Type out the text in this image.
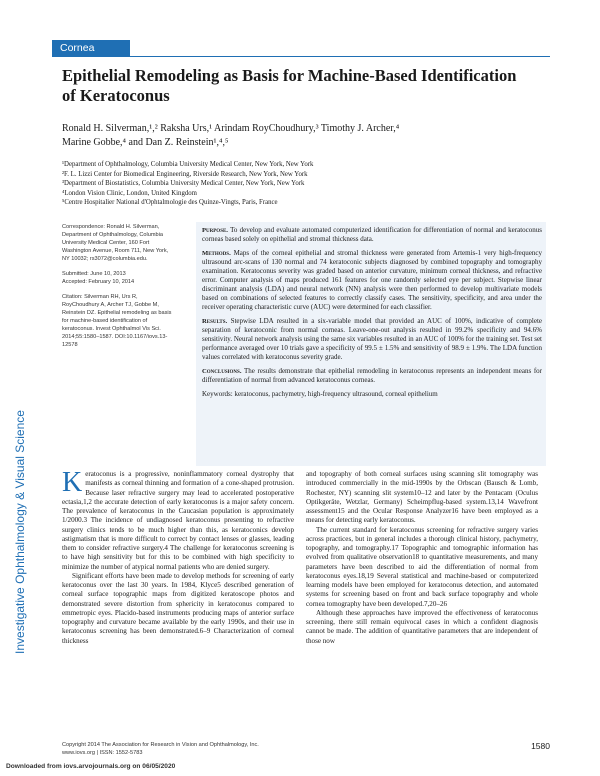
Cornea
Epithelial Remodeling as Basis for Machine-Based Identification of Keratoconus
Ronald H. Silverman,¹,² Raksha Urs,¹ Arindam RoyChoudhury,³ Timothy J. Archer,⁴
Marine Gobbe,⁴ and Dan Z. Reinstein¹,⁴,⁵
¹Department of Ophthalmology, Columbia University Medical Center, New York, New York
²F. L. Lizzi Center for Biomedical Engineering, Riverside Research, New York, New York
³Department of Biostatistics, Columbia University Medical Center, New York, New York
⁴London Vision Clinic, London, United Kingdom
⁵Centre Hospitalier National d'Ophtalmologie des Quinze-Vingts, Paris, France

Correspondence: Ronald H. Silverman, Department of Ophthalmology, Columbia University Medical Center, 160 Fort Washington Avenue, Room 711, New York, NY 10032; rs3072@columbia.edu.

Submitted: June 10, 2013
Accepted: February 10, 2014

Citation: Silverman RH, Urs R, RoyChoudhury A, Archer TJ, Gobbe M, Reinstein DZ. Epithelial remodeling as basis for machine-based identification of keratoconus. Invest Ophthalmol Vis Sci. 2014;55:1580–1587. DOI:10.1167/iovs.13-12578

Purpose. To develop and evaluate automated computerized identification for differentiation of normal and keratoconus corneas based solely on epithelial and stromal thickness data.

Methods. Maps of the corneal epithelial and stromal thickness were generated from Artemis-1 very high-frequency ultrasound arc-scans of 130 normal and 74 keratoconic subjects diagnosed by combined topography and tomography examination. Keratoconus severity was graded based on anterior curvature, minimum corneal thickness, and refractive error. Computer analysis of maps produced 161 features for one randomly selected eye per subject. Stepwise linear discriminant analysis (LDA) and neural network (NN) analysis were then performed to develop multivariate models based on combinations of selected features to correctly classify cases. The sensitivity, specificity, and area under the receiver operating characteristic curve (AUC) were determined for each classifier.

Results. Stepwise LDA resulted in a six-variable model that provided an AUC of 100%, indicative of complete separation of keratoconic from normal corneas. Leave-one-out analysis resulted in 99.2% specificity and 94.6% sensitivity. Neural network analysis using the same six variables resulted in an AUC of 100% for the training set. Test set performance averaged over 10 trials gave a specificity of 99.5 ± 1.5% and sensitivity of 98.9 ± 1.9%. The LDA function values correlated with keratoconus severity grade.

Conclusions. The results demonstrate that epithelial remodeling in keratoconus represents an independent means for differentiation of normal from advanced keratoconus corneas.

Keywords: keratoconus, pachymetry, high-frequency ultrasound, corneal epithelium

Investigative Ophthalmology & Visual Science Keratoconus is a progressive, noninflammatory corneal dystrophy that manifests as corneal thinning and formation of a cone-shaped protrusion. Because laser refractive surgery may lead to accelerated postoperative ectasia,1,2 the accurate detection of early keratoconus is a major safety concern. The prevalence of keratoconus in the Caucasian population is approximately 1/2000.3 The incidence of undiagnosed keratoconus presenting to refractive surgery clinics tends to be much higher than this, as keratoconics develop astigmatism that is more difficult to correct by contact lenses or glasses, leading them to consider refractive surgery.4 The challenge for keratoconus screening is to have high sensitivity but for this to be combined with high specificity to minimize the number of atypical normal patients who are denied surgery.

Significant efforts have been made to develop methods for screening of early keratoconus over the last 30 years. In 1984, Klyce5 described generation of corneal surface topographic maps from digitized keratoscope photos and demonstrated severe distortion from sphericity in keratoconus compared to emmetropic eyes. Placido-based instruments producing maps of anterior surface topography and curvature became available by the early 1990s, and their use in keratoconus screening has been demonstrated.6–9 Characterization of corneal thickness

and topography of both corneal surfaces using scanning slit tomography was introduced commercially in the mid-1990s by the Orbscan (Bausch & Lomb, Rochester, NY) scanning slit system10–12 and later by the Pentacam (Oculus Optikgeräte, Wetzlar, Germany) Scheimpflug-based system.13,14 Wavefront assessment15 and the Ocular Response Analyzer16 have been employed as a means for detecting early keratoconus.

The current standard for keratoconus screening for refractive surgery varies across practices, but in general includes a thorough clinical history, pachymetry, topography, and tomography.17 Topographic and tomographic information has evolved from qualitative observation18 to quantitative measurements, and many parameters have been described to aid the differentiation of normal from keratoconus eyes.18,19 Several statistical and machine-based or computerized learning models have been employed for keratoconus detection, and automated systems for screening based on front and back surface topography and whole cornea tomography have been developed.7,20–26

Although these approaches have improved the effectiveness of keratoconus screening, there still remain equivocal cases in which a confident diagnosis cannot be made. The addition of quantitative parameters that are independent of those now

Copyright 2014 The Association for Research in Vision and Ophthalmology, Inc.
www.iovs.org | ISSN: 1552-5783
1580
Downloaded from iovs.arvojournals.org on 06/05/2020
